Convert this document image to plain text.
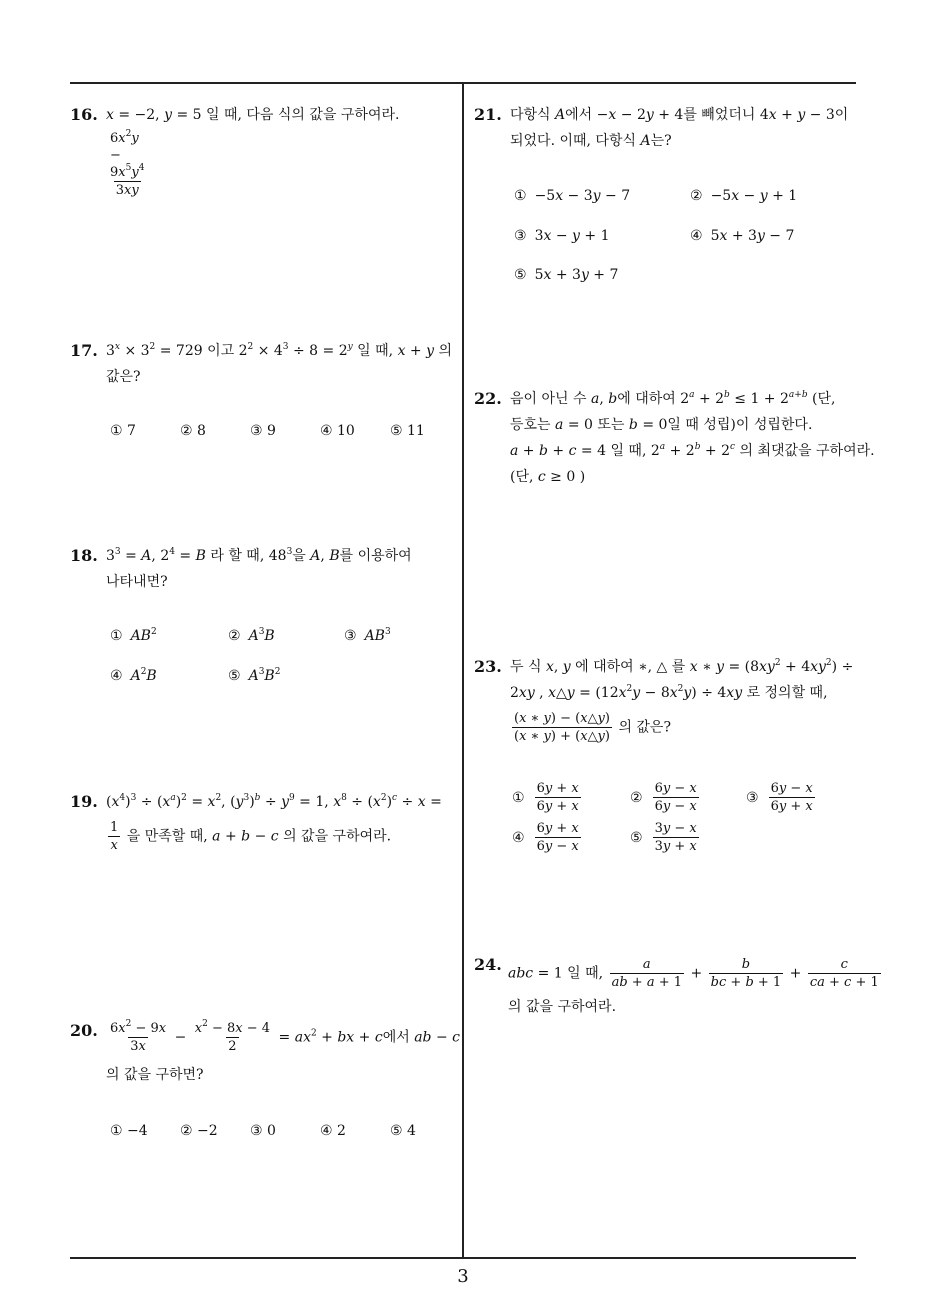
16. x = −2, y = 5 일 때, 다음 식의 값을 구하여라.
$\frac{6x^2y - 9x^5y^4}{3xy}$
17. $3^x \times 3^2 = 729$ 이고 $2^2 \times 4^3 \div 8 = 2^y$ 일 때, x + y 의
값은?
① 7	② 8	③ 9	④ 10	⑤ 11
18. $3^3 = A$, $2^4 = B$ 라 할 때, $48^3$을 A, B를 이용하여
나타내면?
① $AB^2$	② $A^3B$	③ $AB^3$
④ $A^2B$	⑤ $A^3B^2$
19. $(x^4)^3 \div (x^a)^2 = x^2$, $(y^3)^b \div y^9 = 1$, $x^8 \div (x^2)^c \div x$ =
$\frac{1}{x}$ 을 만족할 때, a + b − c 의 값을 구하여라.
20. $\frac{6x^2 - 9x}{3x} - \frac{x^2 - 8x - 4}{2} = ax^2$ + bx + c에서 ab − c
의 값을 구하면?
① −4 ② −2 ③ 0	④ 2	⑤ 4
21. 다항식 A에서 −x − 2y + 4를 빼었더니 4x + y − 3이
되었다. 이때, 다항식 A는?
① −5x − 3y − 7	② −5x − y + 1
③ 3x − y + 1	④ 5x + 3y − 7
⑤ 5x + 3y + 7
22. 음이 아닌 수 a, b에 대하여 $2^a + 2^b \le 1 + 2^{a+b}$ (단,
등호는 a = 0 또는 b = 0일 때 성립)이 성립한다.
a + b + c = 4 일 때, $2^a + 2^b + 2^c$ 의 최댓값을 구하여라.
(단, c ≥ 0 )
23. 두 식 x, y 에 대하여 ∗, △ 를 x ∗ $y = (8xy^2 + 4xy^2)$ ÷
2xy , x△y = $(12x^2y - 8x^2y) \div 4xy$ 로 정의할 때,
$\frac{(x ∗ y) - (x\triangle y)}{(x ∗ y) + (x\triangle y)}$ 의 값은?
① $\frac{6y + x}{6y + x}$	② $\frac{6y - x}{6y - x}$	③ $\frac{6y - x}{6y + x}$
④ $\frac{6y + x}{6y - x}$	⑤ $\frac{3y - x}{3y + x}$
24. abc = 1 일 때, $\frac{a}{ab + a + 1} + \frac{b}{bc + b + 1} + \frac{c}{ca + c + 1}$
의 값을 구하여라.
3
